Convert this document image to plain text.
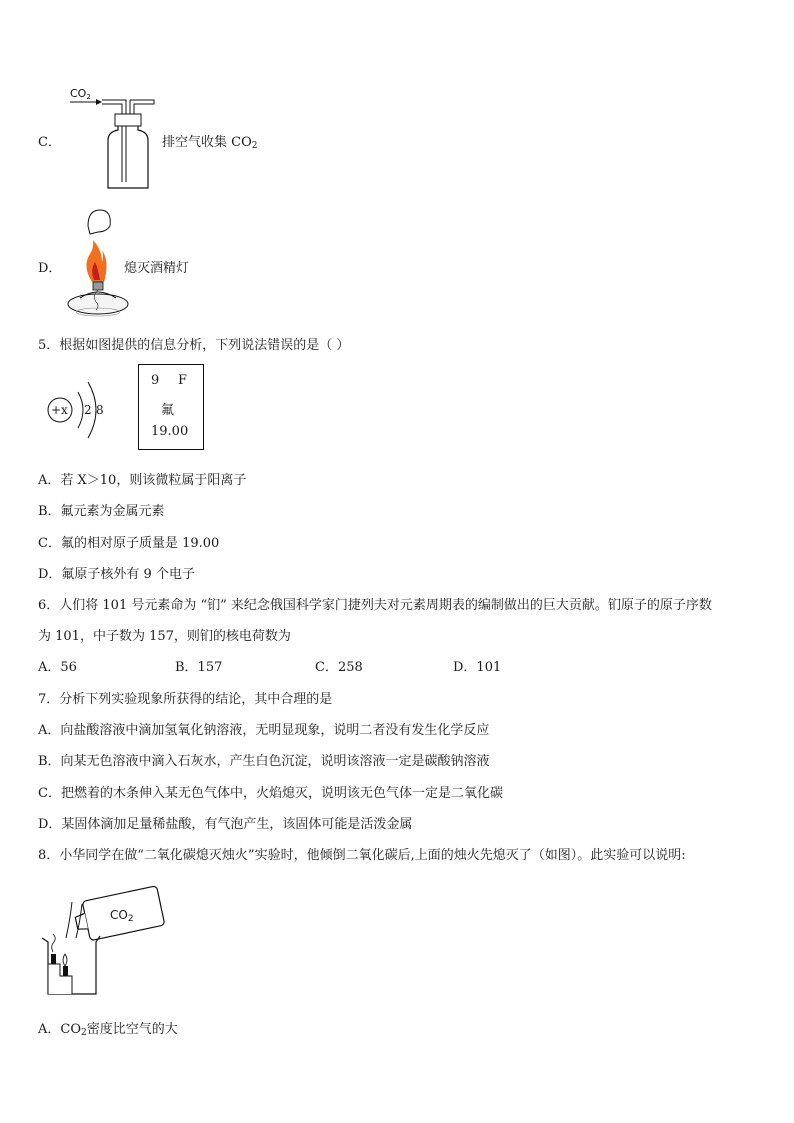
CO2
C．	排空气收集 $CO_2$
D．	熄灭酒精灯
5．根据如图提供的信息分析，下列说法错误的是（ ）
+x 2 8
9 F
氟
19.00
A．若 X＞10，则该微粒属于阳离子
B．氟元素为金属元素
C．氟的相对原子质量是 19.00
D．氟原子核外有 9 个电子
6．人们将 101 号元素命为 “钔” 来纪念俄国科学家门捷列夫对元素周期表的编制做出的巨大贡献。钔原子的原子序数
为 101，中子数为 157，则钔的核电荷数为
A．56	B．157	C．258	D．101
7．分析下列实验现象所获得的结论，其中合理的是
A．向盐酸溶液中滴加氢氧化钠溶液，无明显现象，说明二者没有发生化学反应
B．向某无色溶液中滴入石灰水，产生白色沉淀，说明该溶液一定是碳酸钠溶液
C．把燃着的木条伸入某无色气体中，火焰熄灭，说明该无色气体一定是二氧化碳
D．某固体滴加足量稀盐酸，有气泡产生，该固体可能是活泼金属
8．小华同学在做“二氧化碳熄灭烛火”实验时，他倾倒二氧化碳后,上面的烛火先熄灭了（如图）。此实验可以说明:
$CO_2$
A．$CO_2$密度比空气的大
